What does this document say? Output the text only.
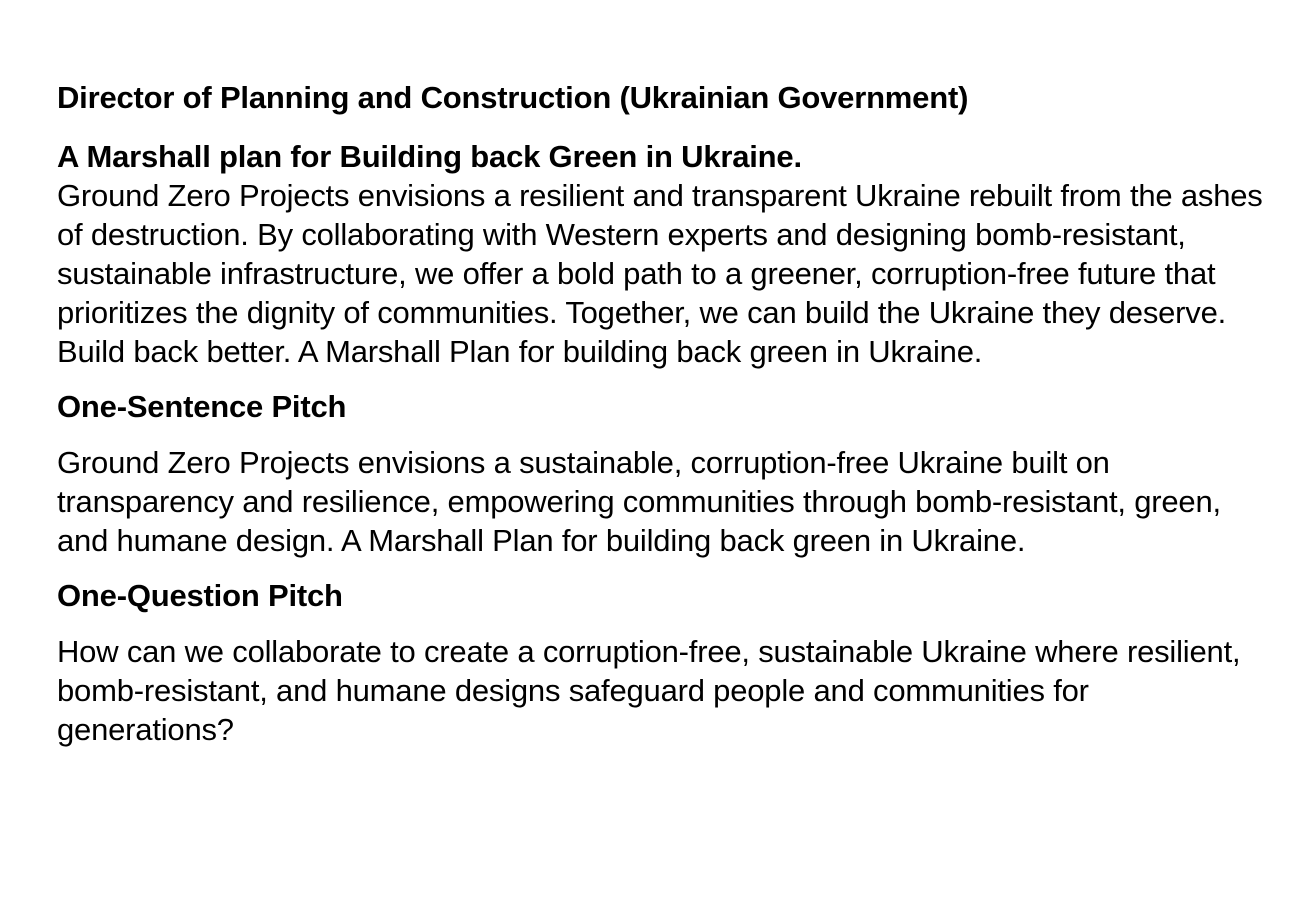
Director of Planning and Construction (Ukrainian Government)
A Marshall plan for Building back Green in Ukraine.

Ground Zero Projects envisions a resilient and transparent Ukraine rebuilt from the ashes of destruction. By collaborating with Western experts and designing bomb-resistant, sustainable infrastructure, we offer a bold path to a greener, corruption-free future that prioritizes the dignity of communities. Together, we can build the Ukraine they deserve. Build back better. A Marshall Plan for building back green in Ukraine.

One-Sentence Pitch

Ground Zero Projects envisions a sustainable, corruption-free Ukraine built on transparency and resilience, empowering communities through bomb-resistant, green, and humane design. A Marshall Plan for building back green in Ukraine.

One-Question Pitch

How can we collaborate to create a corruption-free, sustainable Ukraine where resilient, bomb-resistant, and humane designs safeguard people and communities for generations?
